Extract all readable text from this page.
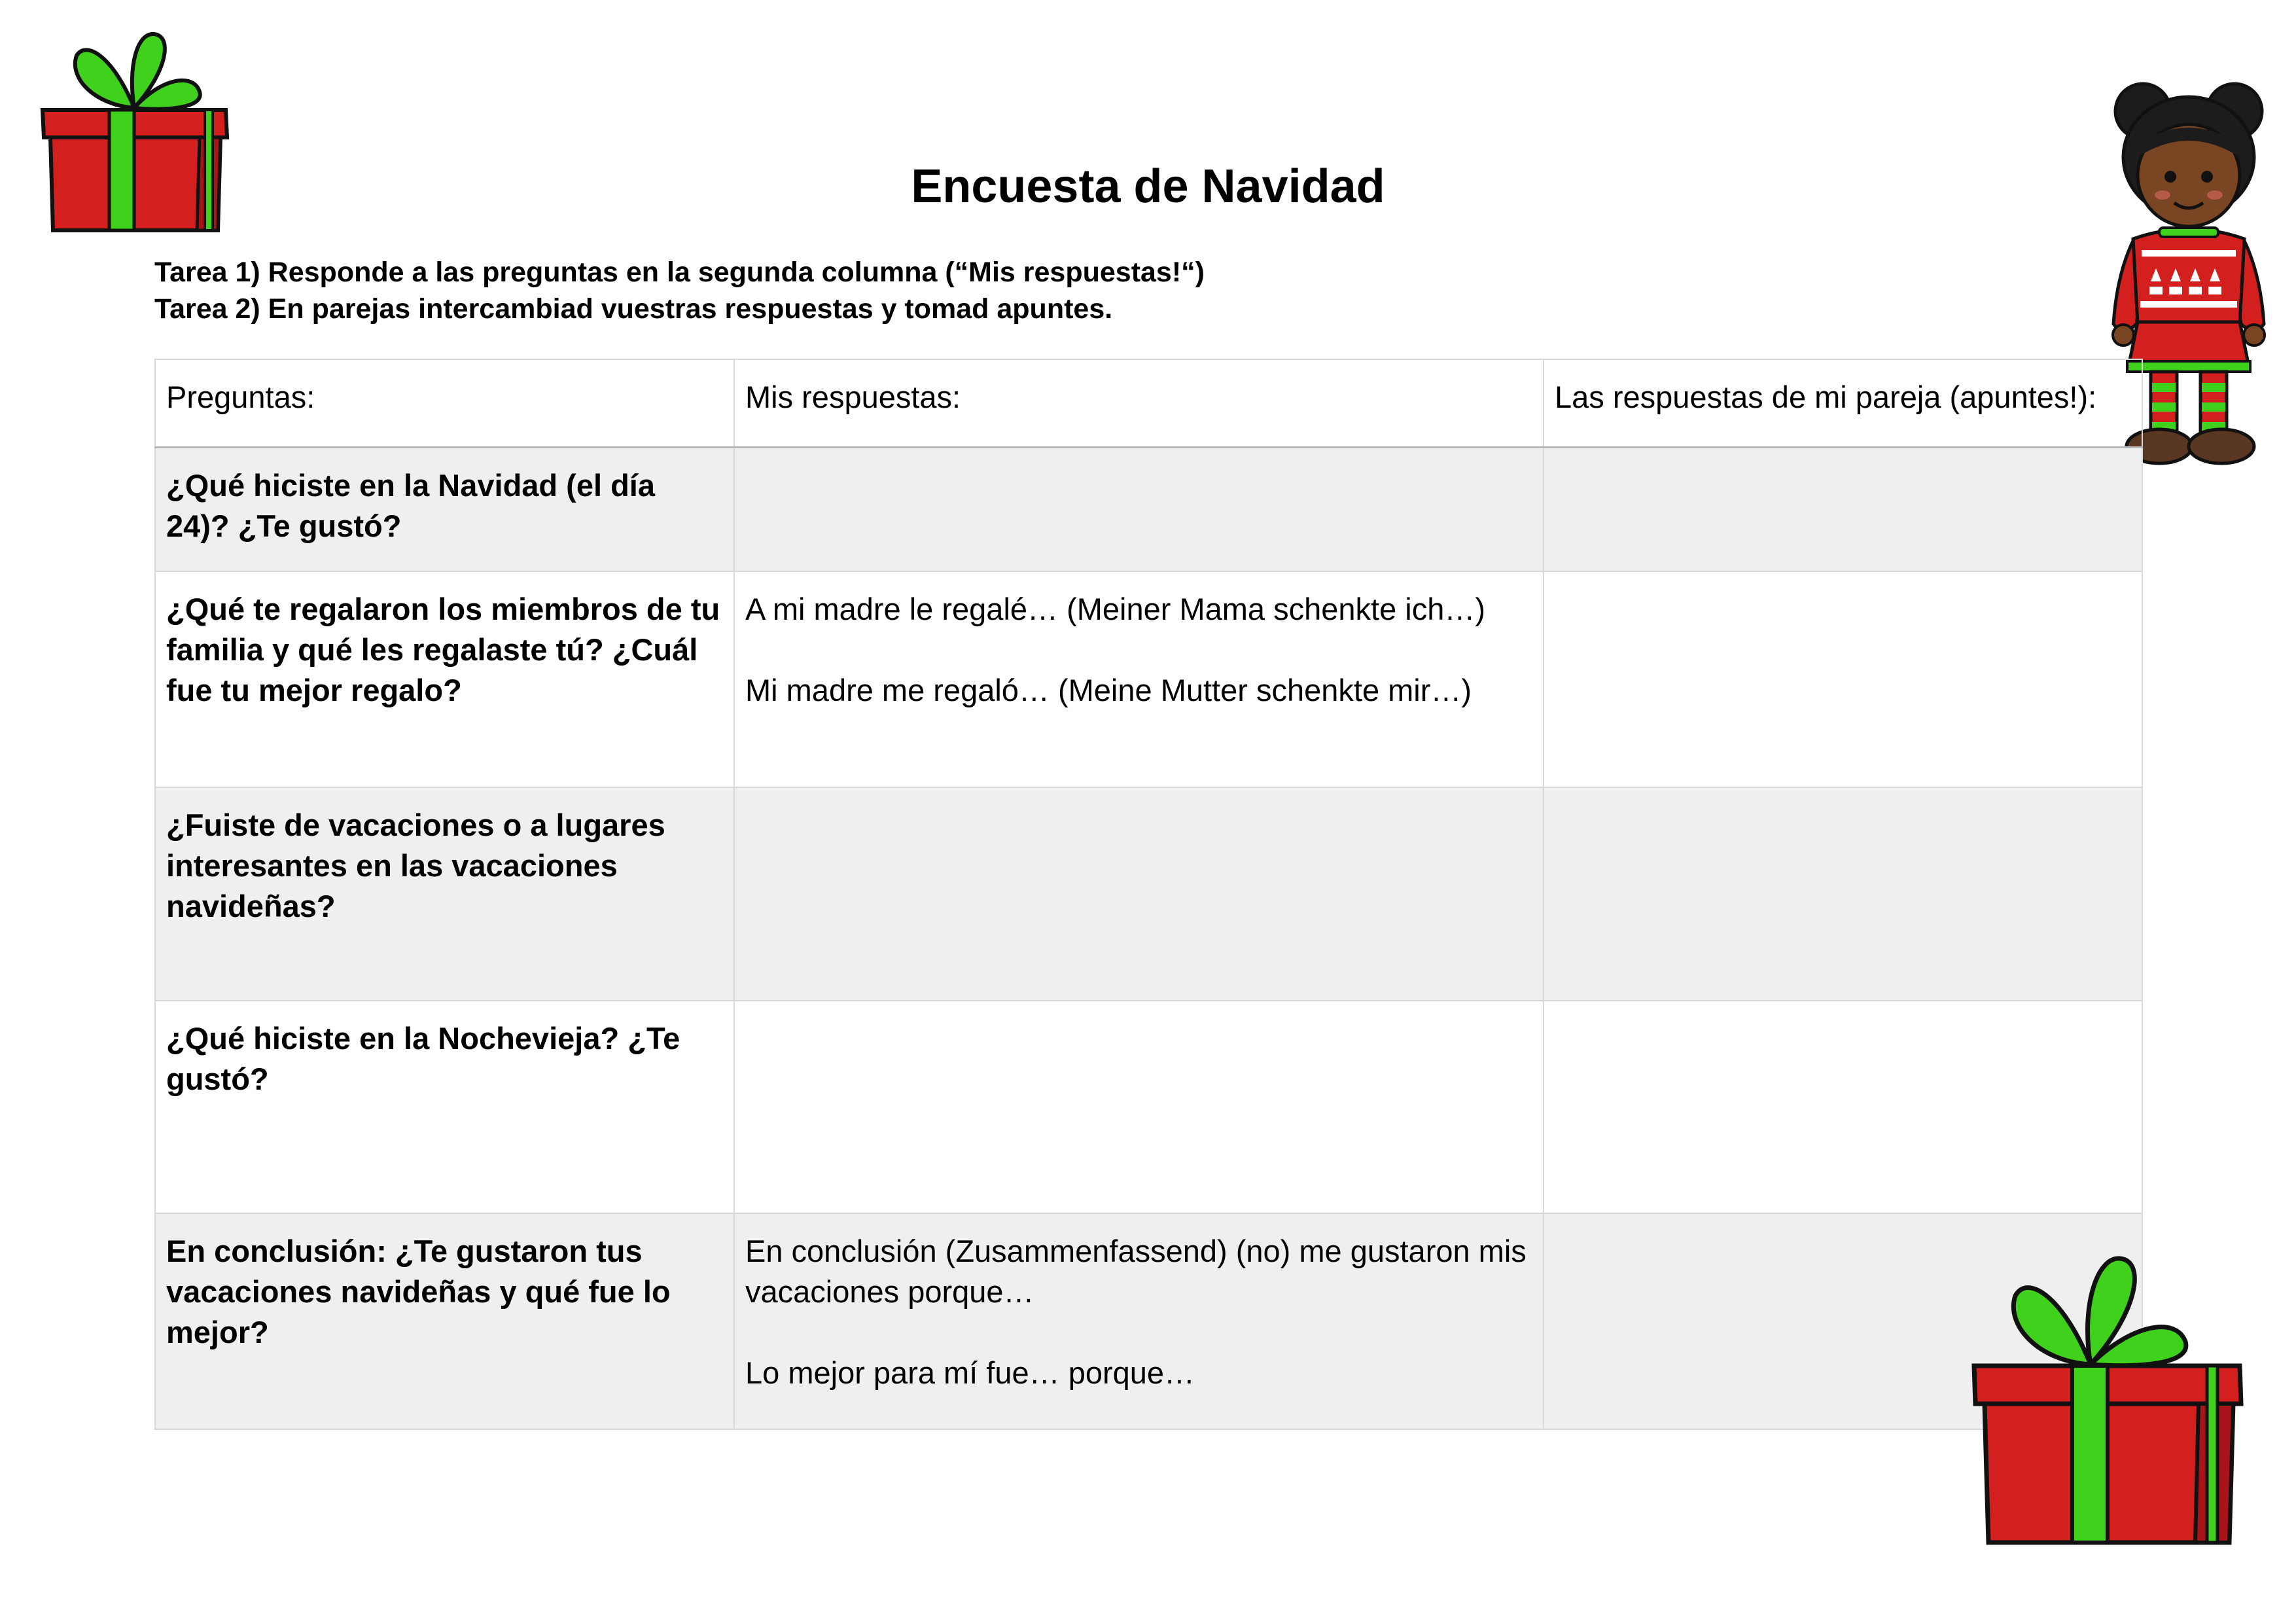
Encuesta de Navidad
Tarea 1) Responde a las preguntas en la segunda columna (“Mis respuestas!“)
Tarea 2) En parejas intercambiad vuestras respuestas y tomad apuntes.
Preguntas:	Mis respuestas:	Las respuestas de mi pareja (apuntes!):
¿Qué hiciste en la Navidad (el día 24)? ¿Te gustó?		
¿Qué te regalaron los miembros de tu familia y qué les regalaste tú? ¿Cuál fue tu mejor regalo?	A mi madre le regalé… (Meiner Mama schenkte ich…)

Mi madre me regaló… (Meine Mutter schenkte mir…)	
¿Fuiste de vacaciones o a lugares interesantes en las vacaciones navideñas?		
¿Qué hiciste en la Nochevieja? ¿Te gustó?		
En conclusión: ¿Te gustaron tus vacaciones navideñas y qué fue lo mejor?	En conclusión (Zusammenfassend) (no) me gustaron mis vacaciones porque…

Lo mejor para mí fue… porque…	
